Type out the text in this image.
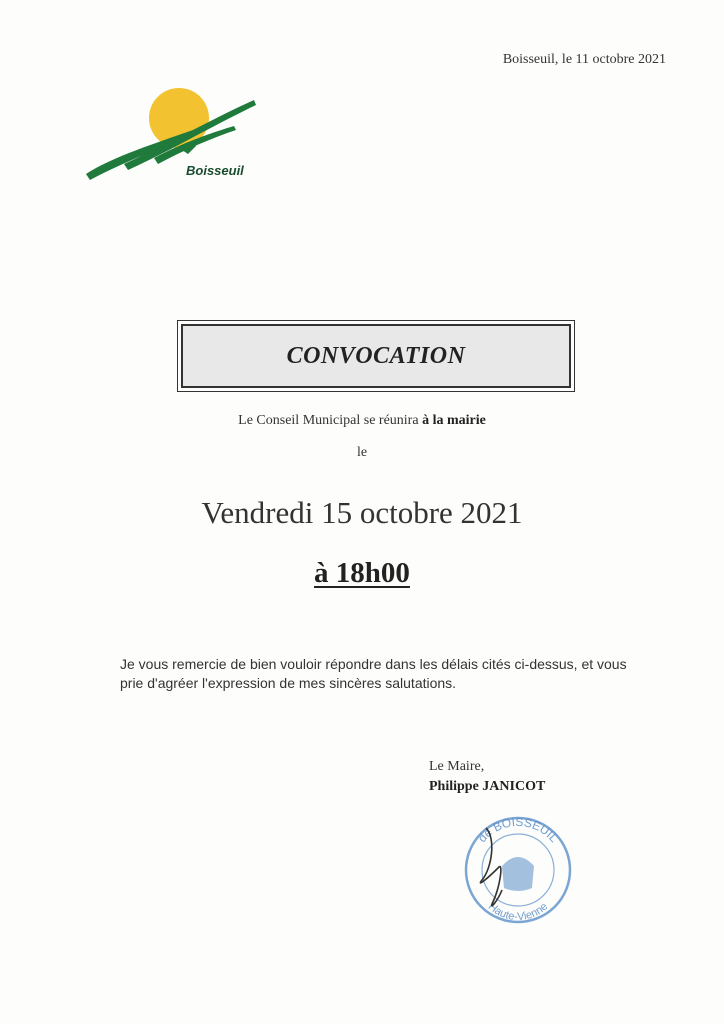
Boisseuil, le 11 octobre 2021
Boisseuil
CONVOCATION
Le Conseil Municipal se réunira à la mairie
le
Vendredi 15 octobre 2021
à 18h00
Je vous remercie de bien vouloir répondre dans les délais cités ci-dessus, et vous
prie d'agréer l'expression de mes sincères salutations.
Le Maire,
Philippe JANICOT
de BOISSEUIL
Haute-Vienne
